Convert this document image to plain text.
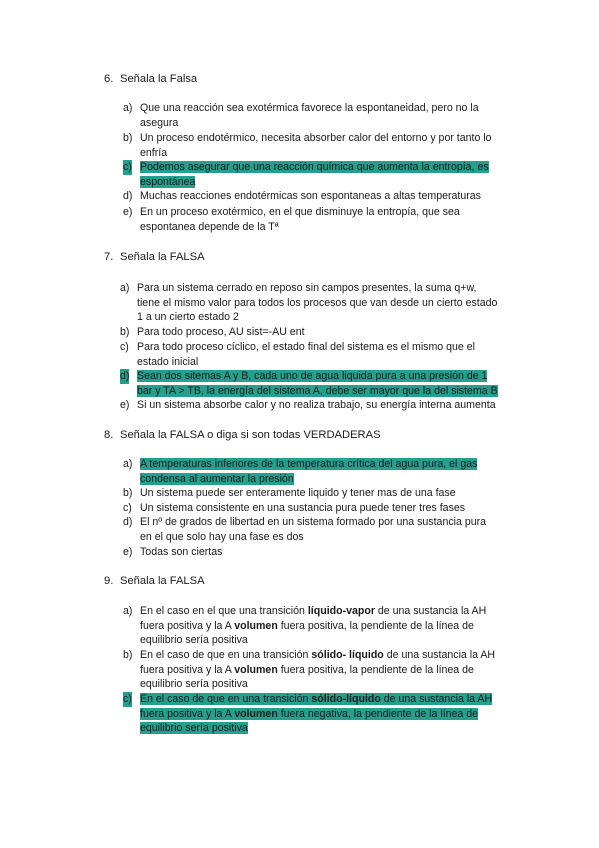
6. Señala la Falsa
a) Que una reacción sea exotérmica favorece la espontaneidad, pero no la
asegura
b) Un proceso endotérmico, necesita absorber calor del entorno y por tanto lo
enfría
c) Podemos asegurar que una reacción química que aumenta la entropía, es
espontánea
d) Muchas reacciones endotérmicas son espontaneas a altas temperaturas
e) En un proceso exotérmico, en el que disminuye la entropía, que sea
espontanea depende de la Tª
7. Señala la FALSA
a) Para un sistema cerrado en reposo sin campos presentes, la suma q+w,
tiene el mismo valor para todos los procesos que van desde un cierto estado
1 a un cierto estado 2
b) Para todo proceso, AU sist=-AU ent
c) Para todo proceso cíclico, el estado final del sistema es el mismo que el
estado inicial
d) Sean dos sitemas A y B, cada uno de agua liquida pura a una presión de 1
bar y TA > TB, la energía del sistema A, debe ser mayor que la del sistema B
e) Si un sistema absorbe calor y no realiza trabajo, su energía interna aumenta
8. Señala la FALSA o diga si son todas VERDADERAS
a) A temperaturas inferiores de la temperatura crítica del agua pura, el gas
condensa al aumentar la presión
b) Un sistema puede ser enteramente liquido y tener mas de una fase
c) Un sistema consistente en una sustancia pura puede tener tres fases
d) El nº de grados de libertad en un sistema formado por una sustancia pura
en el que solo hay una fase es dos
e) Todas son ciertas
9. Señala la FALSA
a) En el caso en el que una transición líquido-vapor de una sustancia la AH
fuera positiva y la A volumen fuera positiva, la pendiente de la línea de
equilibrio sería positiva
b) En el caso de que en una transición sólido- líquido de una sustancia la AH
fuera positiva y la A volumen fuera positiva, la pendiente de la línea de
equilibrio sería positiva
c) En el caso de que en una transición sólido-líquido de una sustancia la AH
fuera positiva y la A volumen fuera negativa, la pendiente de la línea de
equilibrio sería positiva
